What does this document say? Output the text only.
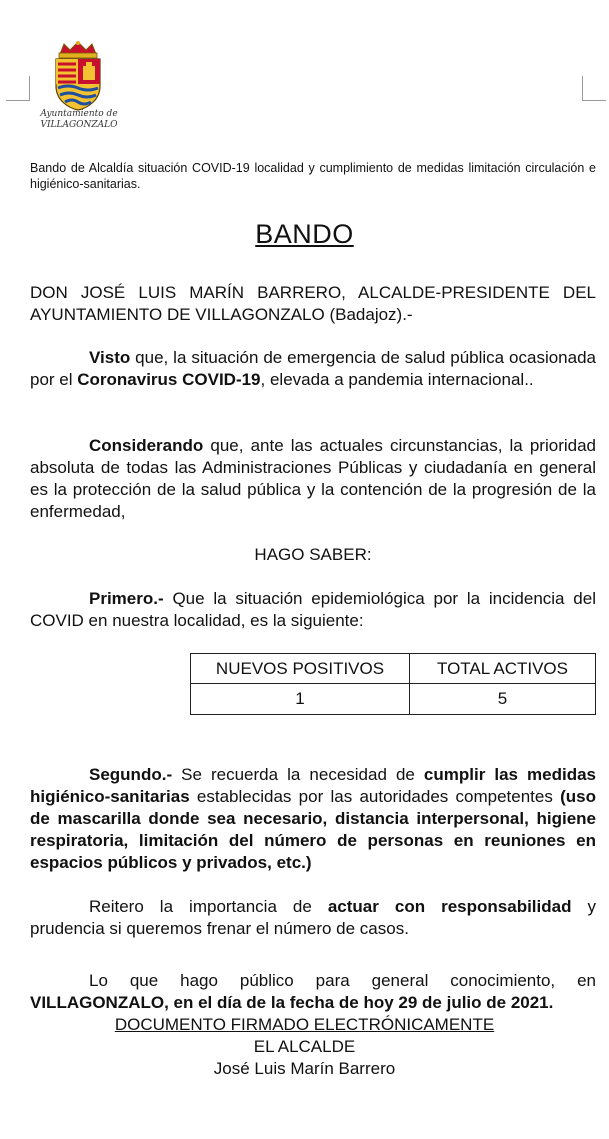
Ayuntamiento de
VILLAGONZALO
Bando de Alcaldía situación COVID-19 localidad y cumplimiento de medidas limitación circulación e higiénico-sanitarias.
BANDO
DON JOSÉ LUIS MARÍN BARRERO, ALCALDE-PRESIDENTE DEL AYUNTAMIENTO DE VILLAGONZALO (Badajoz).-
Visto que, la situación de emergencia de salud pública ocasionada por el Coronavirus COVID-19, elevada a pandemia internacional..
Considerando que, ante las actuales circunstancias, la prioridad absoluta de todas las Administraciones Públicas y ciudadanía en general es la protección de la salud pública y la contención de la progresión de la enfermedad,
HAGO SABER:
Primero.- Que la situación epidemiológica por la incidencia del COVID en nuestra localidad, es la siguiente:
NUEVOS POSITIVOS	TOTAL ACTIVOS
1	5
Segundo.- Se recuerda la necesidad de cumplir las medidas higiénico-sanitarias establecidas por las autoridades competentes (uso de mascarilla donde sea necesario, distancia interpersonal, higiene respiratoria, limitación del número de personas en reuniones en espacios públicos y privados, etc.)
Reitero la importancia de actuar con responsabilidad y prudencia si queremos frenar el número de casos.
Lo que hago público para general conocimiento, en VILLAGONZALO, en el día de la fecha de hoy 29 de julio de 2021.
DOCUMENTO FIRMADO ELECTRÓNICAMENTE
EL ALCALDE
José Luis Marín Barrero
